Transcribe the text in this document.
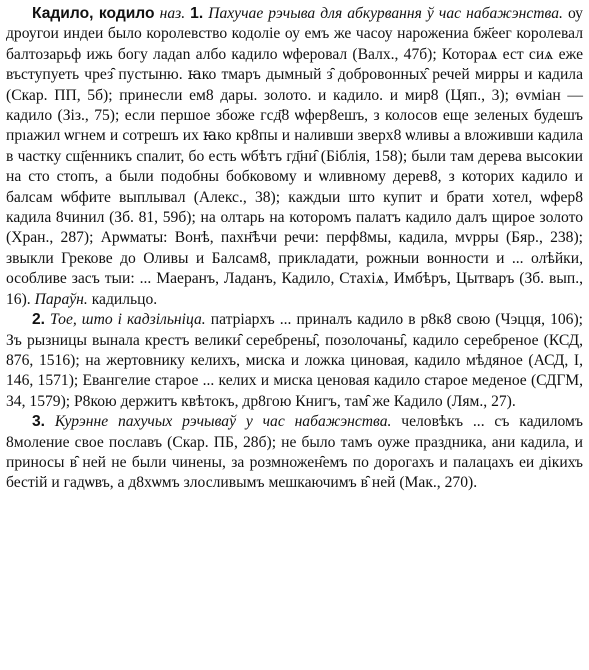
Кадило, кодило наз. 1. Пахучае рэчыва для абкурвання ў час набажэнства. оу дроугои индеи было королевство кодолiе оу емъ же часоу нарожениa бж҃еег королевал балтозарьф ижь богу ладаn албо кадило ѡферовал (Валх., 47б); Которaѧ ест сиѧ еже въступуеть чрез̑ пустыню. ꙗко тмаръ дымный з̑ добровонных̑ речей мирры и кадила (Скар. ПП, 5б); принесли ем8 дары. золото. и кадило. и мир8 (Цяп., 3); ѳvміaн — кадило (Зіз., 75); если пeршое збоже гсд҃8 ѡфер8ешъ, з колосов еще зеленых будешъ прıажил ѡгнем и сотрешъ их ꙗко кр8пы и наливши звeрх8 ѡливы а вложивши кадила в частку сщ҃енникъ спалит, бо есть ѡбѣтъ гд҃ни̑ (Біблія, 158); были там дерева высокии на сто стопъ, а были подобны бобковому и ѡливному дерев8, з которих кадило и балсам ѡбфите выплывал (Алекс., 38); кaждыи што купит и брати хотел, ѡфер8 кадила 8чинил (Зб. 81, 59б); на олтарь на которомъ пaлaтъ кадило далъ щирое золото (Хран., 287); Арѡматы: Вонѣ, пахн҃ѣчи речи: перф8мы, кадила, мvрры (Бяр., 238); звыкли Грекове до Оливы и Балсам8, прикладати, рожныи вонности и ... олѣйки, особливе засъ тыи: ... Маеранъ, Ладанъ, Кадило, Стахiѧ, Имбѣръ, Цытваръ (Зб. вып., 16). Параўн. кадильцо.

2. Тое, што і кадзільніца. патрiaрхъ ... принaлъ кадило в р8к8 свою (Чэцця, 106); Зъ рызницы вынaла крестъ велики̑ серебрены̑, позолочаны̑, кадило серебреное (КСД, 876, 1516); на жертовнику келихъ, миска и ложка циновая, кадило мѣдяное (АСД, I, 146, 1571); Евангелие старое ... келих и миска ценовая кадило старое меденое (СДГМ, 34, 1579); Р8кою держитъ квѣтокъ, др8гою Книгъ, там̑ же Кадило (Лям., 27).

3. Курэнне пахучых рэчываў у час набажэнства. человѣкъ ... съ кадиломъ 8моление свое пославъ (Скар. ПБ, 28б); не было тамъ оуже праздника, ани кадила, и приносы в̑ ней не были чинены, за розмножен̑емъ по дорогахъ и палацахъ еи дiкихъ бестiй и гадѡвъ, а д8хѡмъ злосливымъ мешкаючимъ в̑ ней (Мак., 270).
